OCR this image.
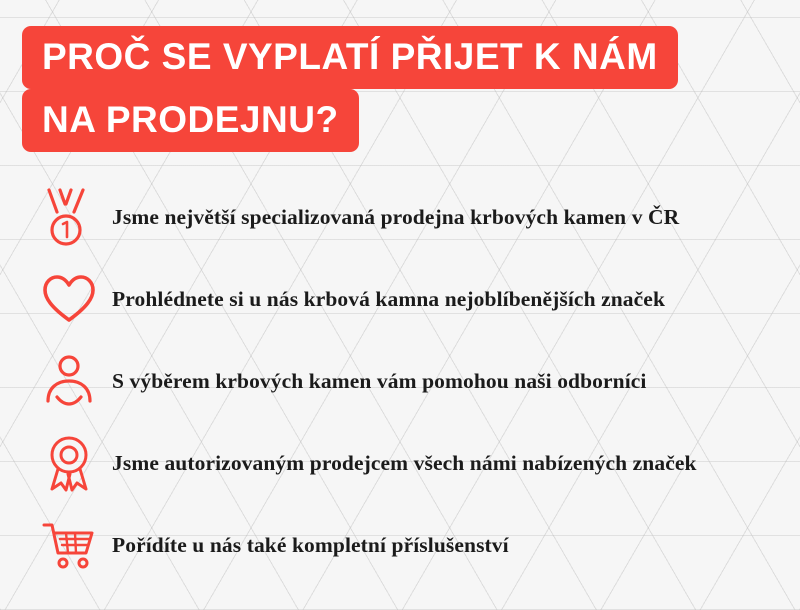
PROČ SE VYPLATÍ PŘIJET K NÁM
NA PRODEJNU?
Jsme největší specializovaná prodejna krbových kamen v ČR
Prohlédnete si u nás krbová kamna nejoblíbenějších značek
S výběrem krbových kamen vám pomohou naši odborníci
Jsme autorizovaným prodejcem všech námi nabízených značek
Pořídíte u nás také kompletní příslušenství
